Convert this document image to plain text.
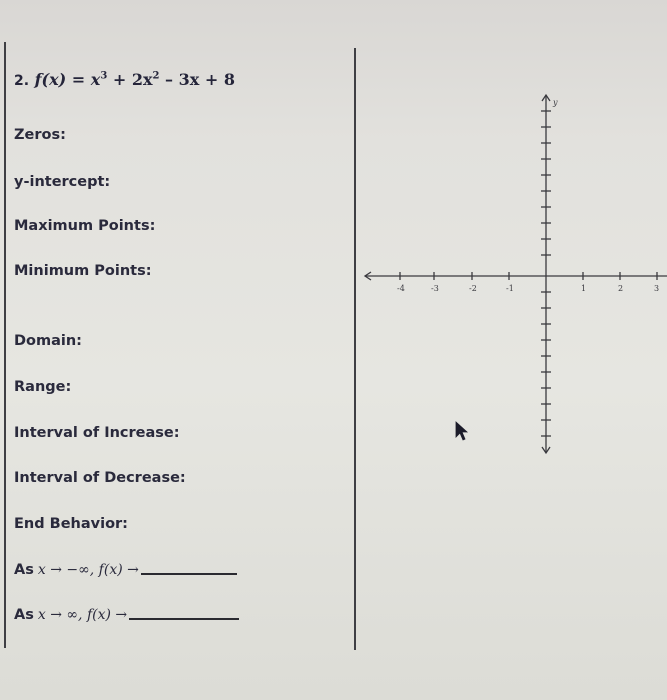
2. $f(x) = x^3 + 2x^2 - 3x + 8$
Zeros:
y-intercept:
Maximum Points:
Minimum Points:
Domain:
Range:
Interval of Increase:
Interval of Decrease:
End Behavior:
As x → −∞, f(x) →
As x → ∞, f(x) →
y
-4	-3	-2	-1	1	2	3
